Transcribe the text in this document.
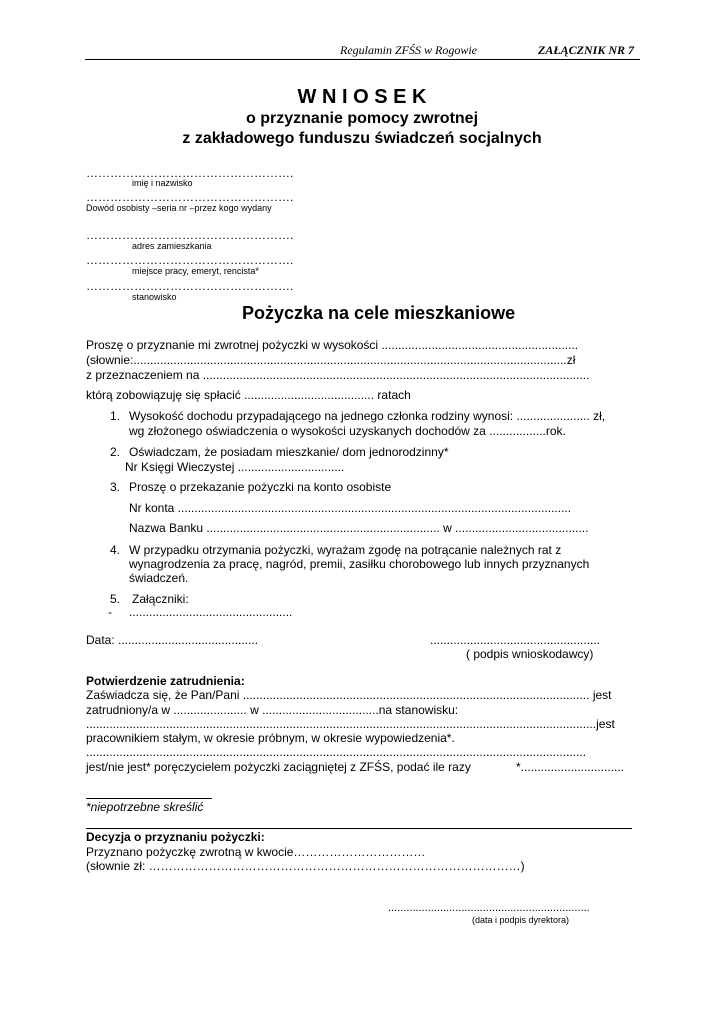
Regulamin ZFŚS w Rogowie	ZAŁĄCZNIK NR 7
W N I O S E K
o przyznanie pomocy zwrotnej
z zakładowego funduszu świadczeń socjalnych
…………………………………………….
imię i nazwisko
…………………………………………….
Dowód osobisty –seria nr –przez kogo wydany
…………………………………………….
adres zamieszkania
…………………………………………….
miejsce pracy, emeryt, rencista*
…………………………………………….
stanowisko
Pożyczka na cele mieszkaniowe
Proszę o przyznanie mi zwrotnej pożyczki w wysokości ...........................................................
(słownie:..................................................................................................................................zł
z przeznaczeniem na ....................................................................................................................
którą zobowiązuję się spłacić ....................................... ratach
1. Wysokość dochodu przypadającego na jednego członka rodziny wynosi: ...................... zł,
wg złożonego oświadczenia o wysokości uzyskanych dochodów za .................rok.
2. Oświadczam, że posiadam mieszkanie/ dom jednorodzinny*
Nr Księgi Wieczystej ................................
3. Proszę o przekazanie pożyczki na konto osobiste
Nr konta ......................................................................................................................
Nazwa Banku ...................................................................... w ........................................
4. W przypadku otrzymania pożyczki, wyrażam zgodę na potrącanie należnych rat z
wynagrodzenia za pracę, nagród, premii, zasiłku chorobowego lub innych przyznanych
świadczeń.
5. Załączniki:
- .................................................
Data: ..........................................	...................................................
( podpis wnioskodawcy)
Potwierdzenie zatrudnienia:
Zaświadcza się, że Pan/Pani ........................................................................................................ jest
zatrudniony/a w ...................... w ...................................na stanowisku:
.........................................................................................................................................................jest
pracownikiem stałym, w okresie próbnym, w okresie wypowiedzenia*.
......................................................................................................................................................
jest/nie jest* poręczycielem pożyczki zaciągniętej z ZFŚS, podać ile razy	*...............................
*niepotrzebne skreślić
Decyzja o przyznaniu pożyczki:
Przyznano pożyczkę zwrotną w kwocie……………………………
(słownie zł: …………………………………………………………………………………)
..................................................................
(data i podpis dyrektora)
